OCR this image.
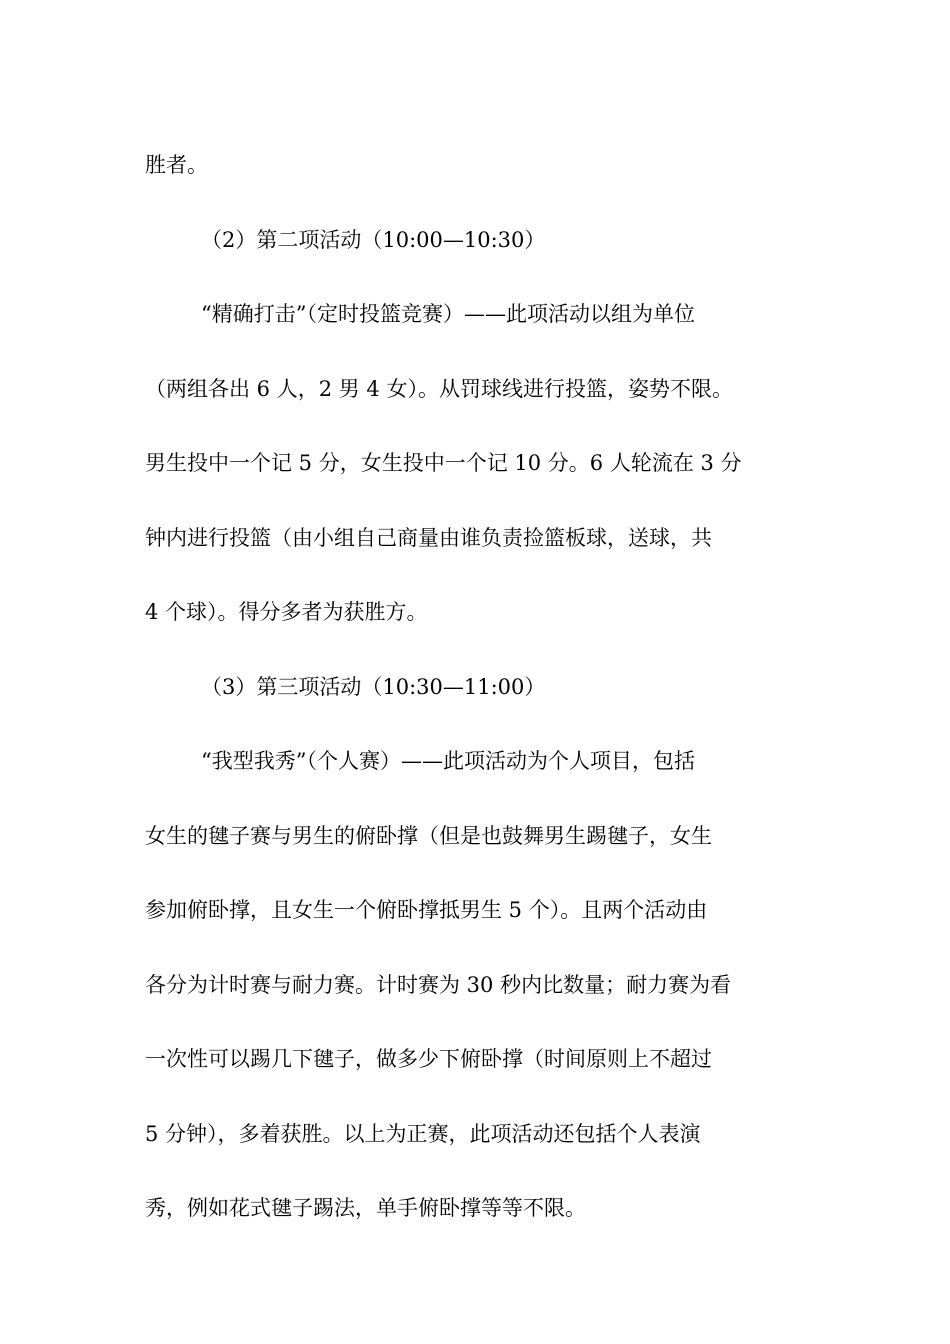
胜者。
（2）第二项活动（10:00—10:30）
“精确打击”（定时投篮竞赛）——此项活动以组为单位
（两组各出 6 人，2 男 4 女）。从罚球线进行投篮，姿势不限。
男生投中一个记 5 分，女生投中一个记 10 分。6 人轮流在 3 分
钟内进行投篮（由小组自己商量由谁负责捡篮板球，送球，共
4 个球）。得分多者为获胜方。
（3）第三项活动（10:30—11:00）
“我型我秀”（个人赛）——此项活动为个人项目，包括
女生的毽子赛与男生的俯卧撑（但是也鼓舞男生踢毽子，女生
参加俯卧撑，且女生一个俯卧撑抵男生 5 个）。且两个活动由
各分为计时赛与耐力赛。计时赛为 30 秒内比数量；耐力赛为看
一次性可以踢几下毽子，做多少下俯卧撑（时间原则上不超过
5 分钟），多着获胜。以上为正赛，此项活动还包括个人表演
秀，例如花式毽子踢法，单手俯卧撑等等不限。
